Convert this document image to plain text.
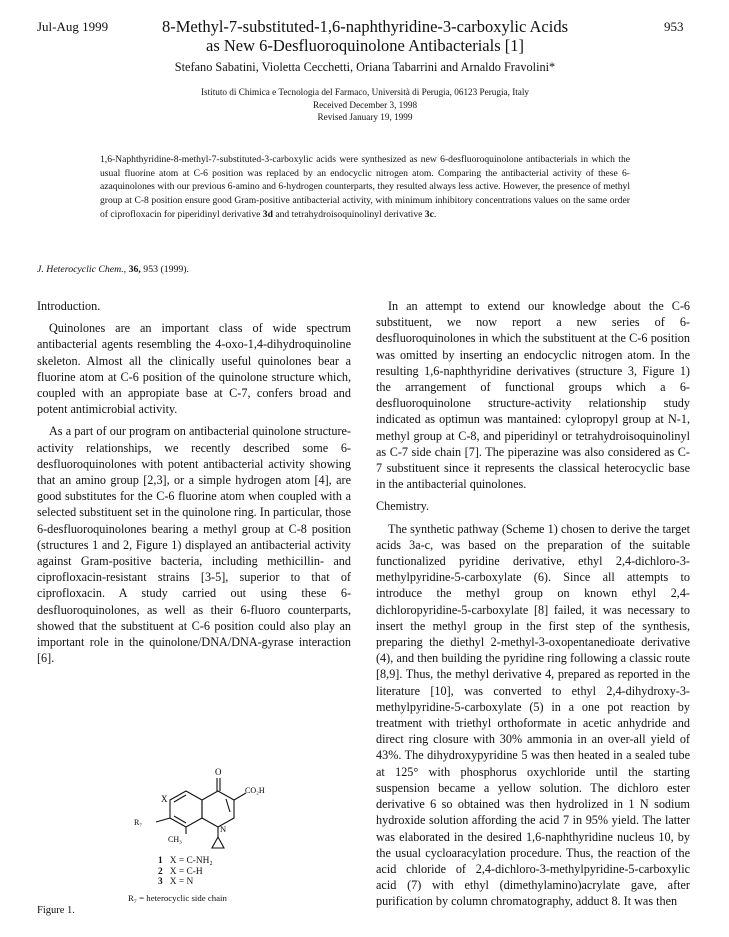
Jul-Aug 1999	953
8-Methyl-7-substituted-1,6-naphthyridine-3-carboxylic Acids
as New 6-Desfluoroquinolone Antibacterials [1]
Stefano Sabatini, Violetta Cecchetti, Oriana Tabarrini and Arnaldo Fravolini*
Istituto di Chimica e Tecnologia del Farmaco, Università di Perugia, 06123 Perugia, Italy
Received December 3, 1998
Revised January 19, 1999
1,6-Naphthyridine-8-methyl-7-substituted-3-carboxylic acids were synthesized as new 6-desfluoroquinolone antibacterials in which the usual fluorine atom at C-6 position was replaced by an endocyclic nitrogen atom. Comparing the antibacterial activity of these 6-azaquinolones with our previous 6-amino and 6-hydrogen counterparts, they resulted always less active. However, the presence of methyl group at C-8 position ensure good Gram-positive antibacterial activity, with minimum inhibitory concentrations values on the same order of ciprofloxacin for piperidinyl derivative 3d and tetrahydroisoquinolinyl derivative 3c.
J. Heterocyclic Chem., 36, 953 (1999).

Introduction.

Quinolones are an important class of wide spectrum antibacterial agents resembling the 4-oxo-1,4-dihydroquinoline skeleton. Almost all the clinically useful quinolones bear a fluorine atom at C-6 position of the quinolone structure which, coupled with an appropiate base at C-7, confers broad and potent antimicrobial activity.

As a part of our program on antibacterial quinolone structure-activity relationships, we recently described some 6-desfluoroquinolones with potent antibacterial activity showing that an amino group [2,3], or a simple hydrogen atom [4], are good substitutes for the C-6 fluorine atom when coupled with a selected substituent set in the quinolone ring. In particular, those 6-desfluoroquinolones bearing a methyl group at C-8 position (structures 1 and 2, Figure 1) displayed an antibacterial activity against Gram-positive bacteria, including methicillin- and ciprofloxacin-resistant strains [3-5], superior to that of ciprofloxacin. A study carried out using these 6-desfluoroquinolones, as well as their 6-fluoro counterparts, showed that the substituent at C-6 position could also play an important role in the quinolone/DNA/DNA-gyrase interaction [6].

In an attempt to extend our knowledge about the C-6 substituent, we now report a new series of 6-desfluoroquinolones in which the substituent at the C-6 position was omitted by inserting an endocyclic nitrogen atom. In the resulting 1,6-naphthyridine derivatives (structure 3, Figure 1) the arrangement of functional groups which a 6-desfluoroquinolone structure-activity relationship study indicated as optimun was mantained: cylopropyl group at N-1, methyl group at C-8, and piperidinyl or tetrahydroisoquinolinyl as C-7 side chain [7]. The piperazine was also considered as C-7 substituent since it represents the classical heterocyclic base in the antibacterial quinolones.

Chemistry.

The synthetic pathway (Scheme 1) chosen to derive the target acids 3a-c, was based on the preparation of the suitable functionalized pyridine derivative, ethyl 2,4-dichloro-3-methylpyridine-5-carboxylate (6). Since all attempts to introduce the methyl group on known ethyl 2,4-dichloropyridine-5-carboxylate [8] failed, it was necessary to insert the methyl group in the first step of the synthesis, preparing the diethyl 2-methyl-3-oxopentanedioate derivative (4), and then building the pyridine ring following a classic route [8,9]. Thus, the methyl derivative 4, prepared as reported in the literature [10], was converted to ethyl 2,4-dihydroxy-3-methylpyridine-5-carboxylate (5) in a one pot reaction by treatment with triethyl orthoformate in acetic anhydride and direct ring closure with 30% ammonia in an over-all yield of 43%. The dihydroxypyridine 5 was then heated in a sealed tube at 125° with phosphorus oxychloride until the starting suspension became a yellow solution. The dichloro ester derivative 6 so obtained was then hydrolized in 1 N sodium hydroxide solution affording the acid 7 in 95% yield. The latter was elaborated in the desired 1,6-naphthyridine nucleus 10, by the usual cycloaracylation procedure. Thus, the reaction of the acid chloride of 2,4-dichloro-3-methylpyridine-5-carboxylic acid (7) with ethyl (dimethylamino)acrylate gave, after purification by column chromatography, adduct 8. It was then

O
CO₂H
X
R₇
N
CH₃
1 X = C-NH₂
2 X = C-H
3 X = N
R₇ = heterocyclic side chain
Figure 1.
